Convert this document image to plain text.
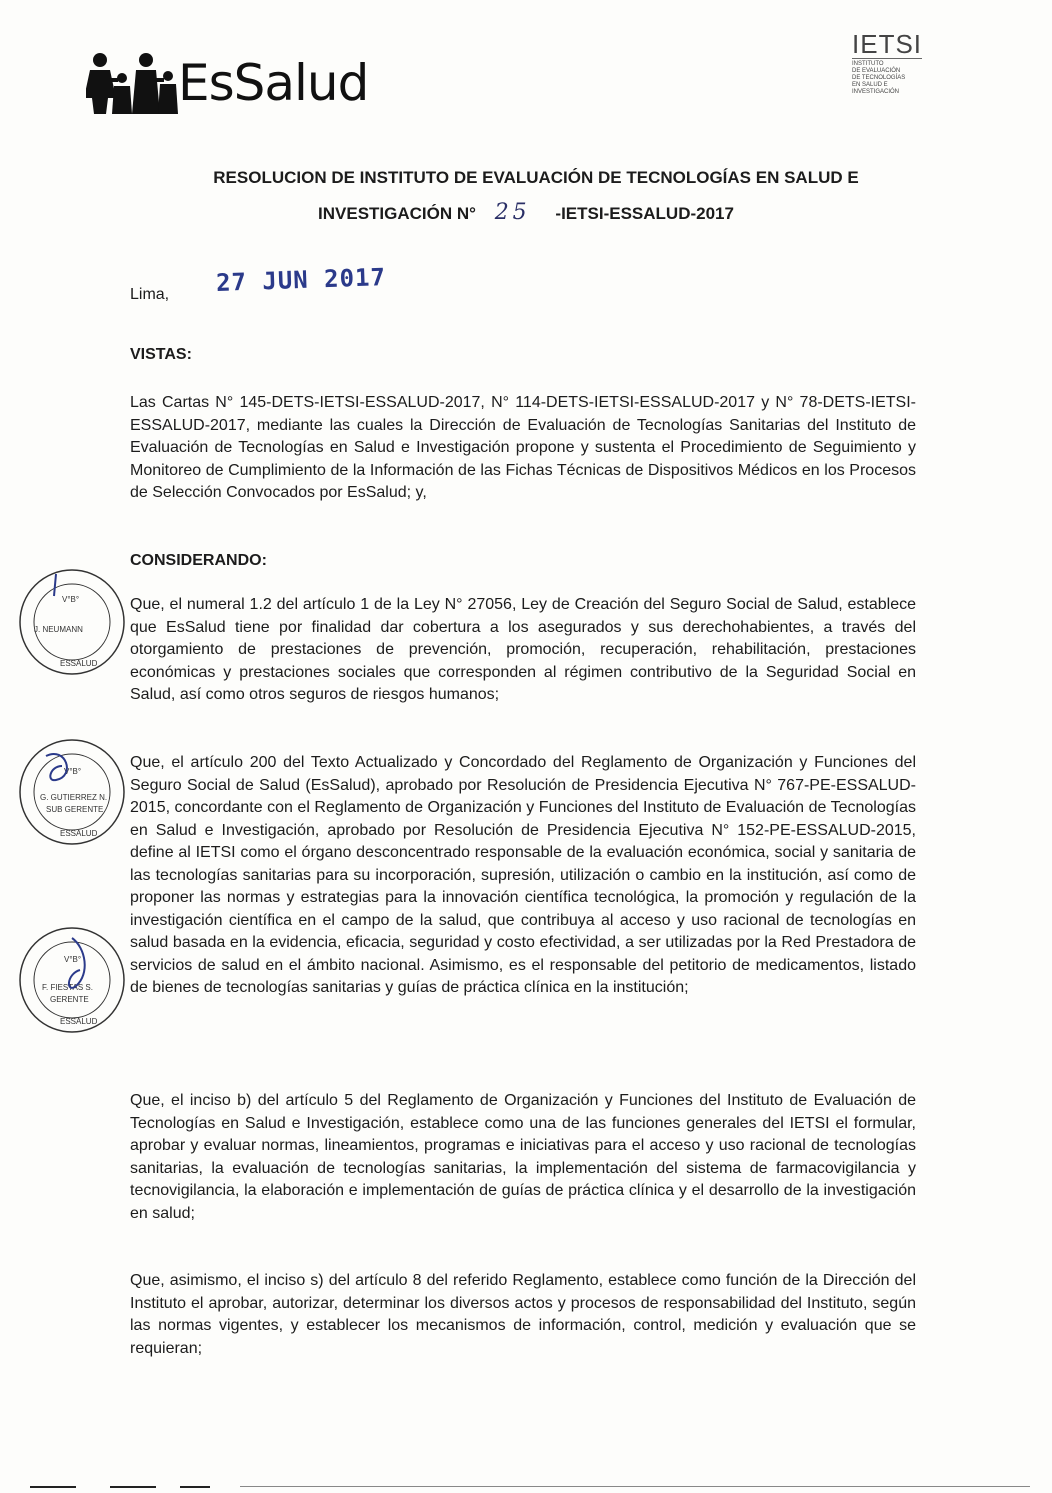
EsSalud
IETSI
INSTITUTO
DE EVALUACIÓN
DE TECNOLOGÍAS
EN SALUD E
INVESTIGACIÓN
RESOLUCION DE INSTITUTO DE EVALUACIÓN DE TECNOLOGÍAS EN SALUD E
INVESTIGACIÓN N° 25 -IETSI-ESSALUD-2017
Lima, 27 JUN 2017
VISTAS:
Las Cartas N° 145-DETS-IETSI-ESSALUD-2017, N° 114-DETS-IETSI-ESSALUD-2017 y N° 78-DETS-IETSI-ESSALUD-2017, mediante las cuales la Dirección de Evaluación de Tecnologías Sanitarias del Instituto de Evaluación de Tecnologías en Salud e Investigación propone y sustenta el Procedimiento de Seguimiento y Monitoreo de Cumplimiento de la Información de las Fichas Técnicas de Dispositivos Médicos en los Procesos de Selección Convocados por EsSalud; y,
CONSIDERANDO:
Que, el numeral 1.2 del artículo 1 de la Ley N° 27056, Ley de Creación del Seguro Social de Salud, establece que EsSalud tiene por finalidad dar cobertura a los asegurados y sus derechohabientes, a través del otorgamiento de prestaciones de prevención, promoción, recuperación, rehabilitación, prestaciones económicas y prestaciones sociales que corresponden al régimen contributivo de la Seguridad Social en Salud, así como otros seguros de riesgos humanos;
Que, el artículo 200 del Texto Actualizado y Concordado del Reglamento de Organización y Funciones del Seguro Social de Salud (EsSalud), aprobado por Resolución de Presidencia Ejecutiva N° 767-PE-ESSALUD-2015, concordante con el Reglamento de Organización y Funciones del Instituto de Evaluación de Tecnologías en Salud e Investigación, aprobado por Resolución de Presidencia Ejecutiva N° 152-PE-ESSALUD-2015, define al IETSI como el órgano desconcentrado responsable de la evaluación económica, social y sanitaria de las tecnologías sanitarias para su incorporación, supresión, utilización o cambio en la institución, así como de proponer las normas y estrategias para la innovación científica tecnológica, la promoción y regulación de la investigación científica en el campo de la salud, que contribuya al acceso y uso racional de tecnologías en salud basada en la evidencia, eficacia, seguridad y costo efectividad, a ser utilizadas por la Red Prestadora de servicios de salud en el ámbito nacional. Asimismo, es el responsable del petitorio de medicamentos, listado de bienes de tecnologías sanitarias y guías de práctica clínica en la institución;
Que, el inciso b) del artículo 5 del Reglamento de Organización y Funciones del Instituto de Evaluación de Tecnologías en Salud e Investigación, establece como una de las funciones generales del IETSI el formular, aprobar y evaluar normas, lineamientos, programas e iniciativas para el acceso y uso racional de tecnologías sanitarias, la evaluación de tecnologías sanitarias, la implementación del sistema de farmacovigilancia y tecnovigilancia, la elaboración e implementación de guías de práctica clínica y el desarrollo de la investigación en salud;
Que, asimismo, el inciso s) del artículo 8 del referido Reglamento, establece como función de la Dirección del Instituto el aprobar, autorizar, determinar los diversos actos y procesos de responsabilidad del Instituto, según las normas vigentes, y establecer los mecanismos de información, control, medición y evaluación que se requieran;
V°B°
J. NEUMANN
ESSALUD
V°B°
G. GUTIERREZ N.
SUB GERENTE
ESSALUD
V°B°
F. FIESTAS S.
GERENTE
ESSALUD
